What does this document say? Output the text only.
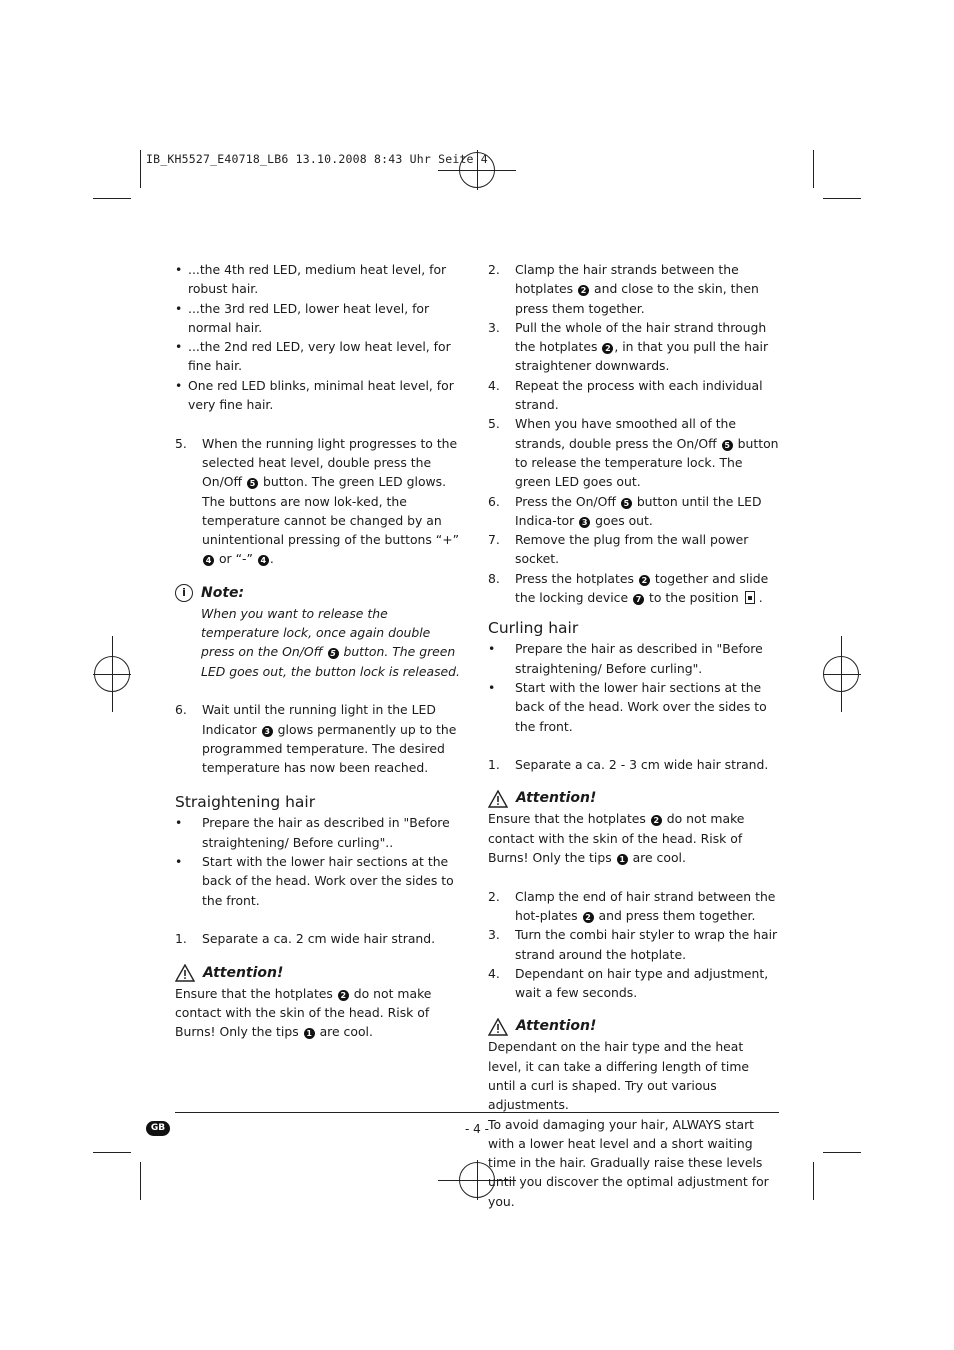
IB_KH5527_E40718_LB6 13.10.2008 8:43 Uhr Seite 4
• ...the 4th red LED, medium heat level, for robust hair.
• ...the 3rd red LED, lower heat level, for normal hair.
• ...the 2nd red LED, very low heat level, for fine hair.
• One red LED blinks, minimal heat level, for very fine hair.
5. When the running light progresses to the selected heat level, double press the On/Off 5 button. The green LED glows. The buttons are now lok-ked, the temperature cannot be changed by an unintentional pressing of the buttons “+” 4 or “-” 4 .
i	Note:
When you want to release the temperature lock, once again double press on the On/Off 5 button. The green LED goes out, the button lock is released.
6. Wait until the running light in the LED Indicator 3 glows permanently up to the programmed temperature. The desired temperature has now been reached.
Straightening hair
• Prepare the hair as described in "Before straightening/ Before curling"..
• Start with the lower hair sections at the back of the head. Work over the sides to the front.
1. Separate a ca. 2 cm wide hair strand.
Attention!
Ensure that the hotplates 2 do not make contact with the skin of the head. Risk of Burns! Only the tips 1 are cool.
2. Clamp the hair strands between the hotplates 2 and close to the skin, then press them together.
3. Pull the whole of the hair strand through the hotplates 2 , in that you pull the hair straightener downwards.
4. Repeat the process with each individual strand.
5. When you have smoothed all of the strands, double press the On/Off 5 button to release the temperature lock. The green LED goes out.
6. Press the On/Off 5 button until the LED Indica-tor 3 goes out.
7. Remove the plug from the wall power socket.
8. Press the hotplates 2 together and slide the locking device 7 to the position .
Curling hair
• Prepare the hair as described in "Before straightening/ Before curling".
• Start with the lower hair sections at the back of the head. Work over the sides to the front.
1. Separate a ca. 2 - 3 cm wide hair strand.
Attention!
Ensure that the hotplates 2 do not make contact with the skin of the head. Risk of Burns! Only the tips 1 are cool.
2. Clamp the end of hair strand between the hot-plates 2 and press them together.
3. Turn the combi hair styler to wrap the hair strand around the hotplate.
4. Dependant on hair type and adjustment, wait a few seconds.
Attention!

Dependant on the hair type and the heat level, it can take a differing length of time until a curl is shaped. Try out various adjustments.

To avoid damaging your hair, ALWAYS start with a lower heat level and a short waiting time in the hair. Gradually raise these levels until you discover the optimal adjustment for you.

GB	- 4 -
